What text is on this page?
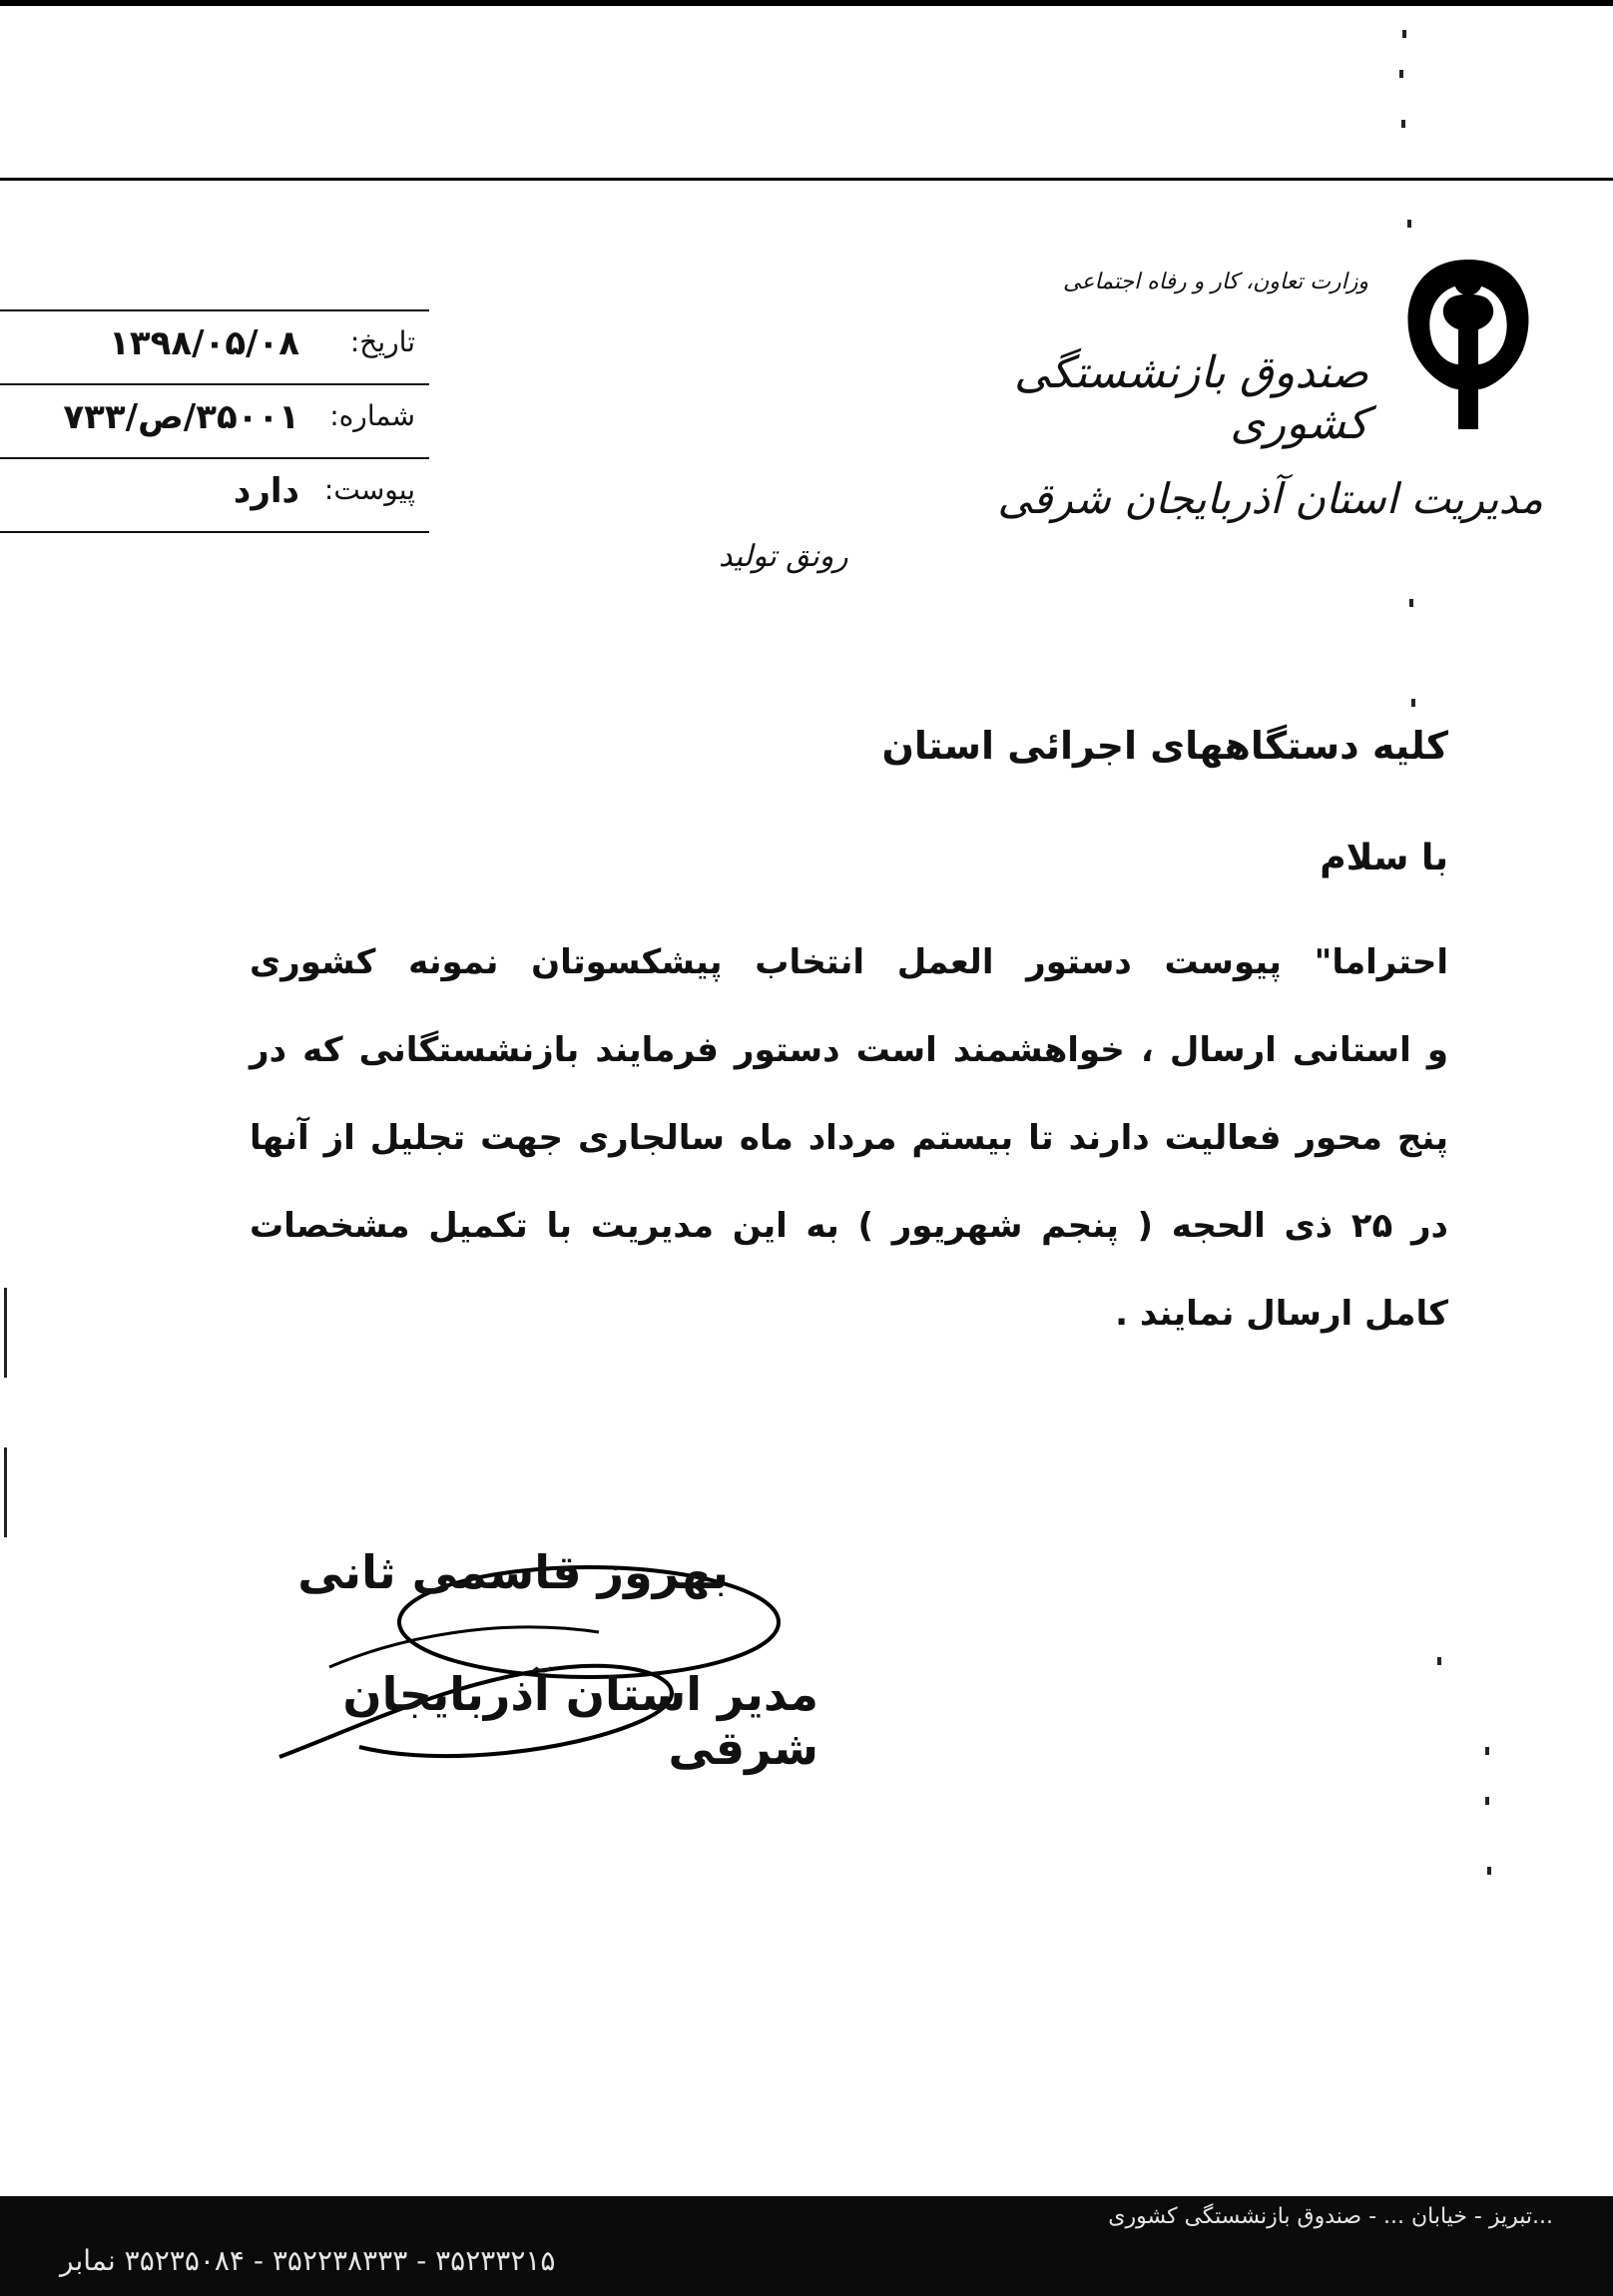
تاریخ:
۱۳۹۸/۰۵/۰۸
شماره:
۳۵۰۰۱/ص/۷۳۳
پیوست:
دارد
وزارت تعاون، کار و رفاه اجتماعی
صندوق بازنشستگی کشوری
مدیریت استان آذربایجان شرقی
رونق تولید
کلیه دستگاههای اجرائی استان
با سلام
احتراما" پیوست دستور العمل انتخاب پیشکسوتان نمونه کشوری
و استانی ارسال ، خواهشمند است دستور فرمایند بازنشستگانی که در
پنج محور فعالیت دارند تا بیستم مرداد ماه سالجاری جهت تجلیل از آنها
در ۲۵ ذی الحجه ( پنجم شهریور ) به این مدیریت با تکمیل مشخصات
کامل ارسال نمایند .
بهروز قاسمی ثانی
مدیر استان آذربایجان شرقی
...تبریز - خیابان ... - صندوق بازنشستگی کشوری
۳۵۲۳۳۲۱۵ - ۳۵۲۲۳۸۳۳۳ - ۳۵۲۳۵۰۸۴ نمابر
